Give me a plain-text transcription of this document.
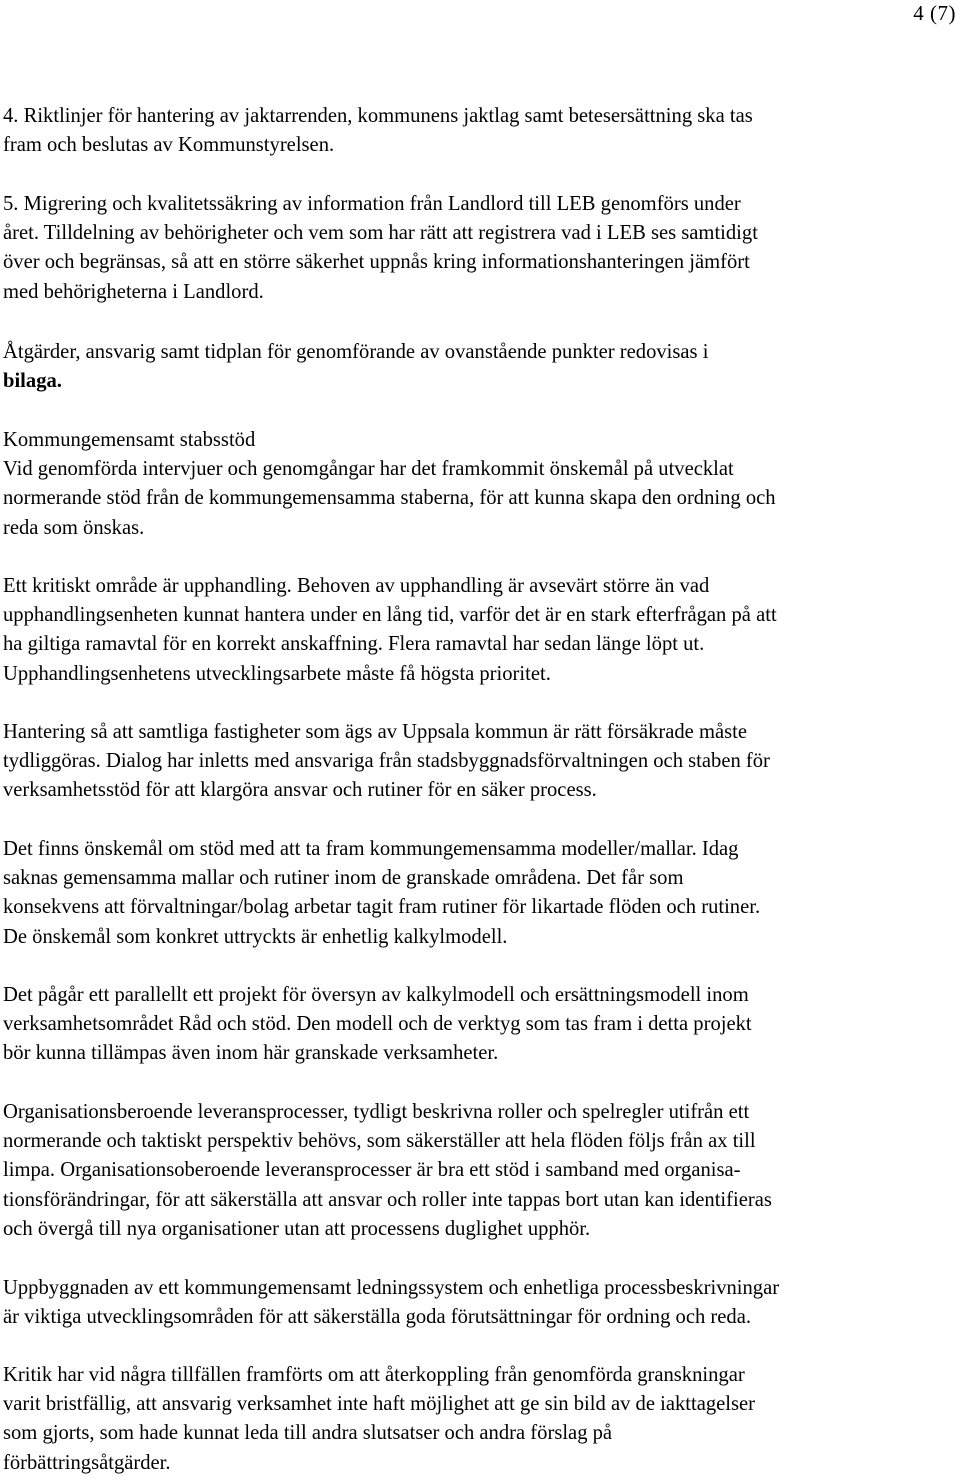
4 (7)
4. Riktlinjer för hantering av jaktarrenden, kommunens jaktlag samt betesersättning ska tas
fram och beslutas av Kommunstyrelsen.
5. Migrering och kvalitetssäkring av information från Landlord till LEB genomförs under
året. Tilldelning av behörigheter och vem som har rätt att registrera vad i LEB ses samtidigt
över och begränsas, så att en större säkerhet uppnås kring informationshanteringen jämfört
med behörigheterna i Landlord.
Åtgärder, ansvarig samt tidplan för genomförande av ovanstående punkter redovisas i
bilaga.
Kommungemensamt stabsstöd
Vid genomförda intervjuer och genomgångar har det framkommit önskemål på utvecklat
normerande stöd från de kommungemensamma staberna, för att kunna skapa den ordning och
reda som önskas.
Ett kritiskt område är upphandling. Behoven av upphandling är avsevärt större än vad
upphandlingsenheten kunnat hantera under en lång tid, varför det är en stark efterfrågan på att
ha giltiga ramavtal för en korrekt anskaffning. Flera ramavtal har sedan länge löpt ut.
Upphandlingsenhetens utvecklingsarbete måste få högsta prioritet.
Hantering så att samtliga fastigheter som ägs av Uppsala kommun är rätt försäkrade måste
tydliggöras. Dialog har inletts med ansvariga från stadsbyggnadsförvaltningen och staben för
verksamhetsstöd för att klargöra ansvar och rutiner för en säker process.
Det finns önskemål om stöd med att ta fram kommungemensamma modeller/mallar. Idag
saknas gemensamma mallar och rutiner inom de granskade områdena. Det får som
konsekvens att förvaltningar/bolag arbetar tagit fram rutiner för likartade flöden och rutiner.
De önskemål som konkret uttryckts är enhetlig kalkylmodell.
Det pågår ett parallellt ett projekt för översyn av kalkylmodell och ersättningsmodell inom
verksamhetsområdet Råd och stöd. Den modell och de verktyg som tas fram i detta projekt
bör kunna tillämpas även inom här granskade verksamheter.
Organisationsberoende leveransprocesser, tydligt beskrivna roller och spelregler utifrån ett
normerande och taktiskt perspektiv behövs, som säkerställer att hela flöden följs från ax till
limpa. Organisationsoberoende leveransprocesser är bra ett stöd i samband med organisa-
tionsförändringar, för att säkerställa att ansvar och roller inte tappas bort utan kan identifieras
och övergå till nya organisationer utan att processens duglighet upphör.
Uppbyggnaden av ett kommungemensamt ledningssystem och enhetliga processbeskrivningar
är viktiga utvecklingsområden för att säkerställa goda förutsättningar för ordning och reda.
Kritik har vid några tillfällen framförts om att återkoppling från genomförda granskningar
varit bristfällig, att ansvarig verksamhet inte haft möjlighet att ge sin bild av de iakttagelser
som gjorts, som hade kunnat leda till andra slutsatser och andra förslag på
förbättringsåtgärder.
